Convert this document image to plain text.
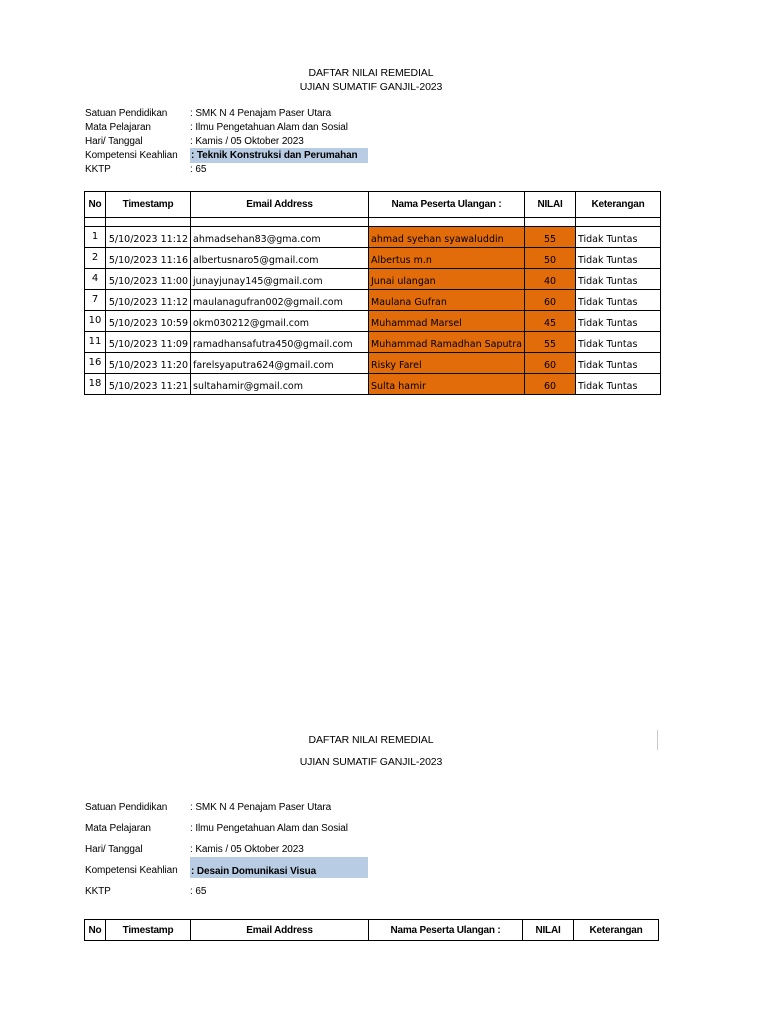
DAFTAR NILAI REMEDIAL
UJIAN SUMATIF GANJIL-2023
Satuan Pendidikan : SMK N 4 Penajam Paser Utara
Mata Pelajaran	: Ilmu Pengetahuan Alam dan Sosial
Hari/ Tanggal	: Kamis / 05 Oktober 2023
Kompetensi Keahlian : Teknik Konstruksi dan Perumahan
KKTP	: 65
No	Timestamp	Email Address	Nama Peserta Ulangan :	NILAI	Keterangan

1	5/10/2023 11:12	ahmadsehan83@gma.com	ahmad syehan syawaluddin	55	Tidak Tuntas
2	5/10/2023 11:16	albertusnaro5@gmail.com	Albertus m.n	50	Tidak Tuntas
4	5/10/2023 11:00	junayjunay145@gmail.com	Junai ulangan	40	Tidak Tuntas
7	5/10/2023 11:12	maulanagufran002@gmail.com	Maulana Gufran	60	Tidak Tuntas
10	5/10/2023 10:59	okm030212@gmail.com	Muhammad Marsel	45	Tidak Tuntas
11	5/10/2023 11:09	ramadhansafutra450@gmail.com	Muhammad Ramadhan Saputra	55	Tidak Tuntas
16	5/10/2023 11:20	farelsyaputra624@gmail.com	Risky Farel	60	Tidak Tuntas
18	5/10/2023 11:21	sultahamir@gmail.com	Sulta hamir	60	Tidak Tuntas
DAFTAR NILAI REMEDIAL
UJIAN SUMATIF GANJIL-2023
Satuan Pendidikan : SMK N 4 Penajam Paser Utara
Mata Pelajaran	: Ilmu Pengetahuan Alam dan Sosial
Hari/ Tanggal	: Kamis / 05 Oktober 2023
Kompetensi Keahlian : Desain Domunikasi Visua
KKTP	: 65
No	Timestamp	Email Address	Nama Peserta Ulangan :	NILAI	Keterangan
